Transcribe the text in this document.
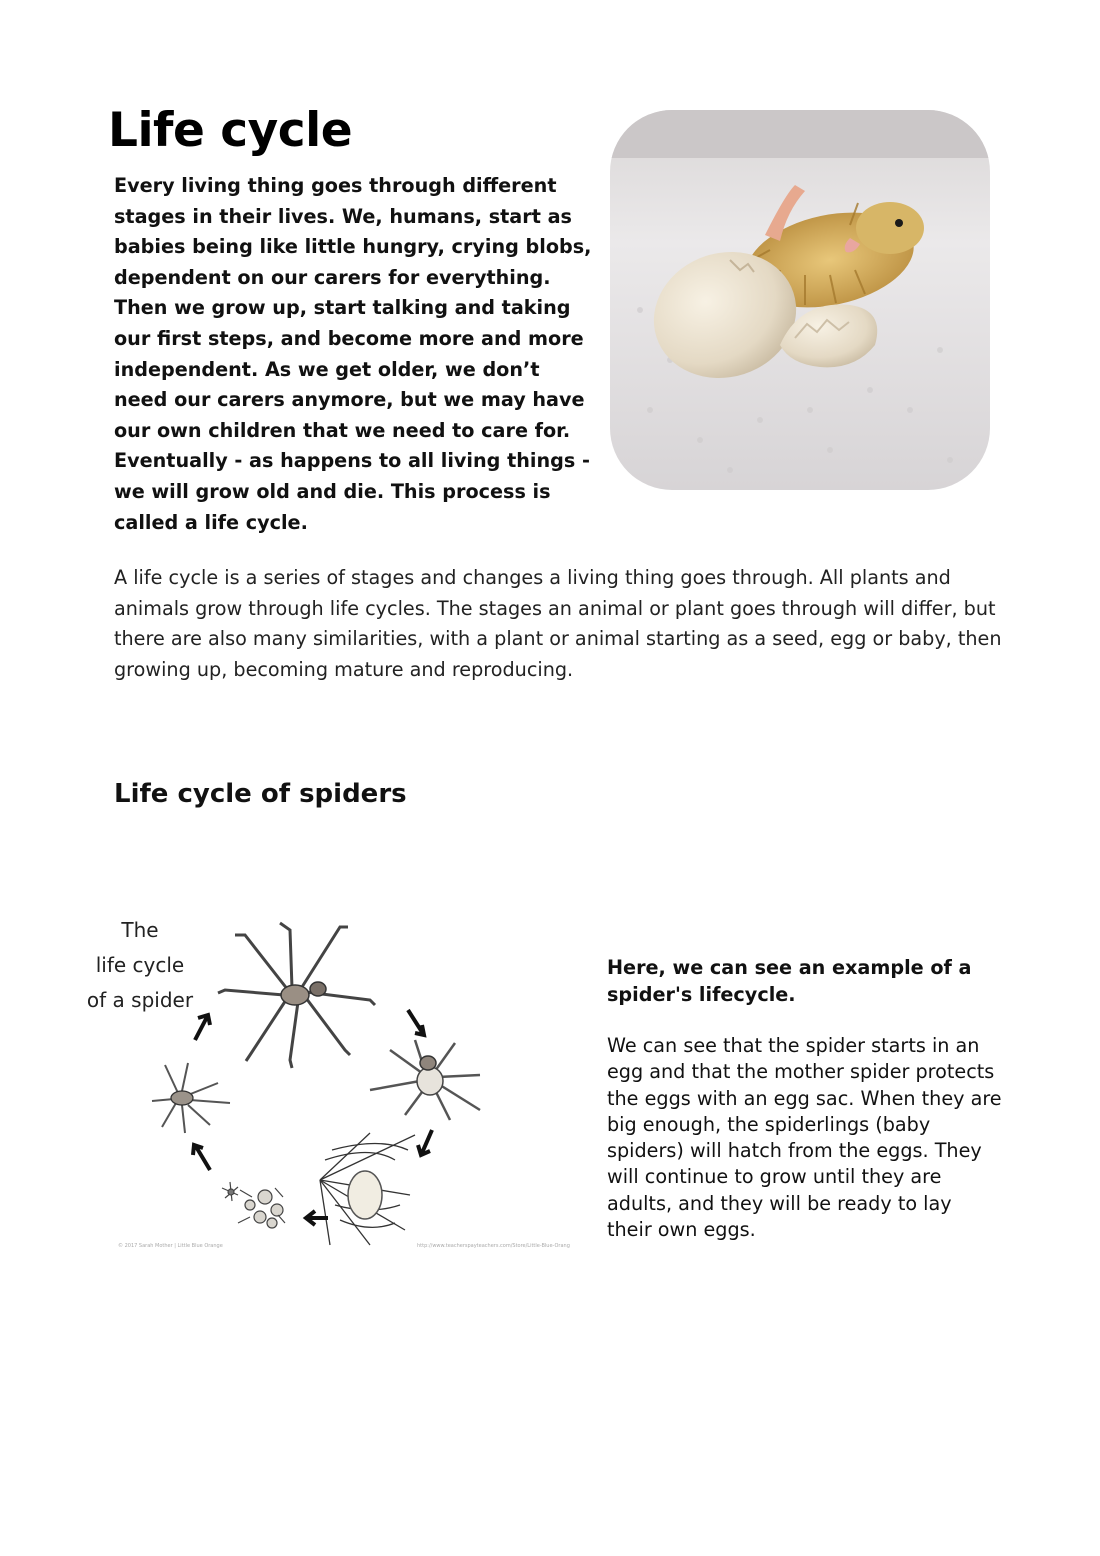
Life cycle

Every living thing goes through different stages in their lives. We, humans, start as babies being like little hungry, crying blobs, dependent on our carers for everything. Then we grow up, start talking and taking our first steps, and become more and more independent. As we get older, we don’t need our carers anymore, but we may have our own children that we need to care for. Eventually - as happens to all living things - we will grow old and die. This process is called a life cycle.

A life cycle is a series of stages and changes a living thing goes through. All plants and animals grow through life cycles. The stages an animal or plant goes through will differ, but there are also many similarities, with a plant or animal starting as a seed, egg or baby, then growing up, becoming mature and reproducing.

Life cycle of spiders
The
life cycle
of a spider
© 2017 Sarah Mother | Little Blue Orange	http://www.teacherspayteachers.com/Store/Little-Blue-Orange

Here, we can see an example of a spider's lifecycle.

We can see that the spider starts in an egg and that the mother spider protects the eggs with an egg sac. When they are big enough, the spiderlings (baby spiders) will hatch from the eggs. They will continue to grow until they are adults, and they will be ready to lay their own eggs.
